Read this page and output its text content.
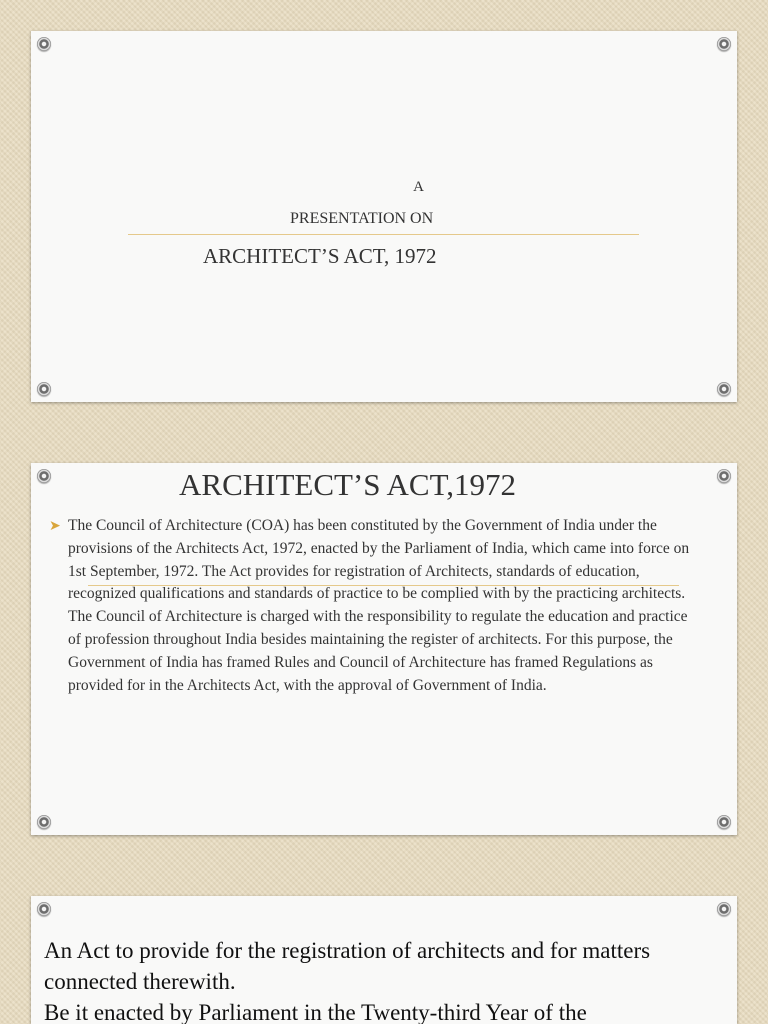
A
PRESENTATION ON
ARCHITECT’S ACT, 1972
ARCHITECT’S ACT,1972
➤ The Council of Architecture (COA) has been constituted by the Government of India under the provisions of the Architects Act, 1972, enacted by the Parliament of India, which came into force on 1st September, 1972. The Act provides for registration of Architects, standards of education, recognized qualifications and standards of practice to be complied with by the practicing architects. The Council of Architecture is charged with the responsibility to regulate the education and practice of profession throughout India besides maintaining the register of architects. For this purpose, the Government of India has framed Rules and Council of Architecture has framed Regulations as provided for in the Architects Act, with the approval of Government of India.
An Act to provide for the registration of architects and for matters connected therewith.
Be it enacted by Parliament in the Twenty-third Year of the
